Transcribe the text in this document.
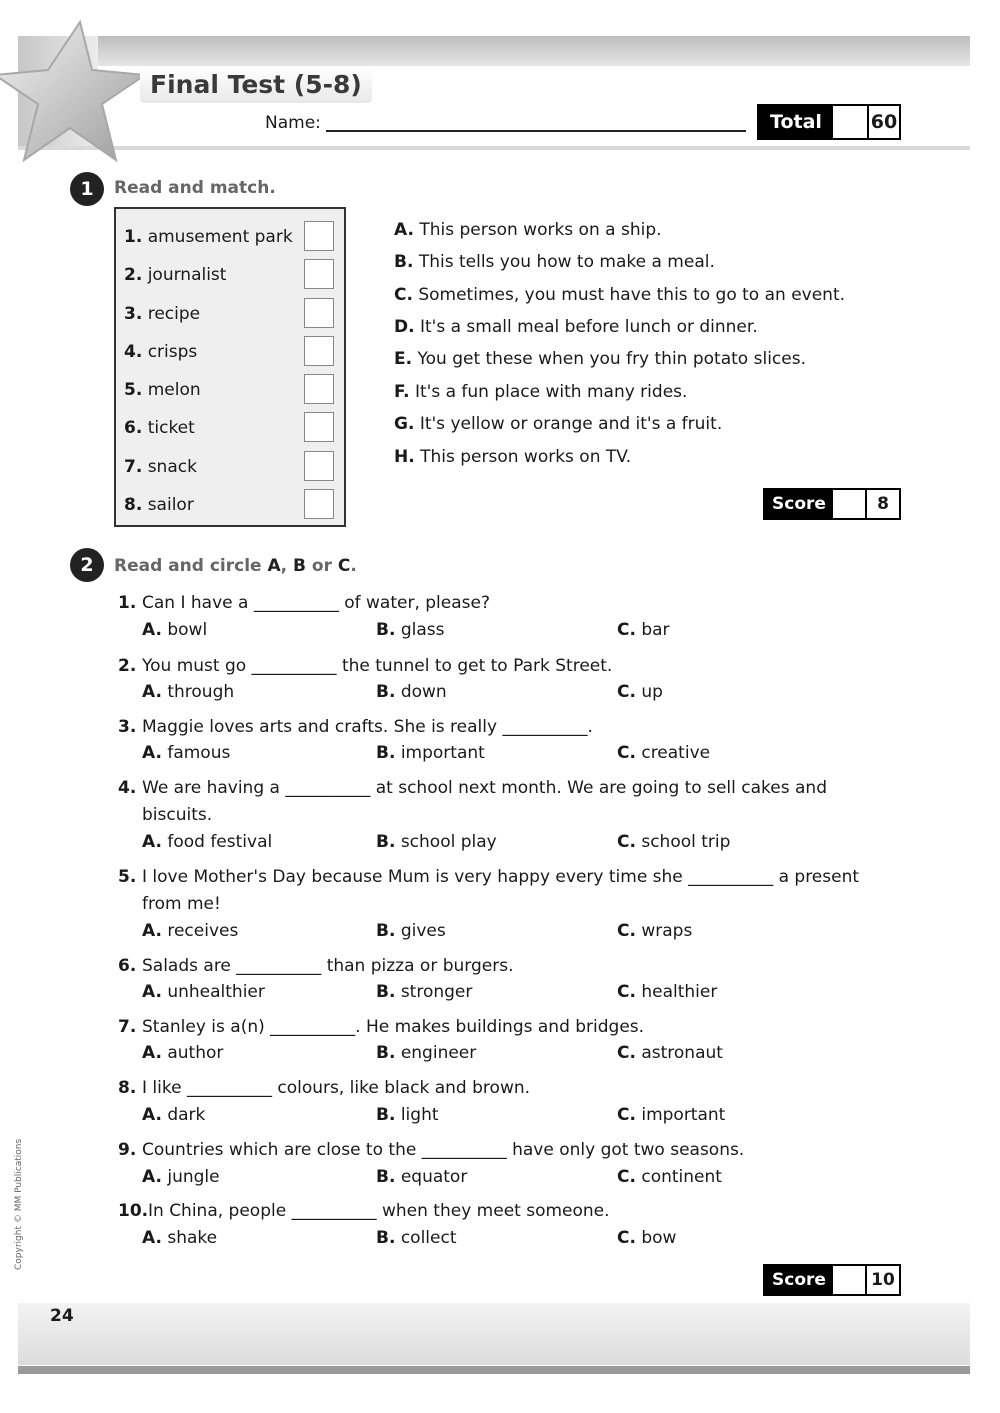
Final Test (5-8)
Name:	Total	60
1	Read and match.
1. amusement park
2. journalist
3. recipe
4. crisps
5. melon
6. ticket
7. snack
8. sailor
A. This person works on a ship.
B. This tells you how to make a meal.
C. Sometimes, you must have this to go to an event.
D. It's a small meal before lunch or dinner.
E. You get these when you fry thin potato slices.
F. It's a fun place with many rides.
G. It's yellow or orange and it's a fruit.
H. This person works on TV.
Score	8
2	Read and circle A, B or C.
1. Can I have a __________ of water, please?
A. bowl	B. glass	C. bar
2. You must go __________ the tunnel to get to Park Street.
A. through	B. down	C. up
3. Maggie loves arts and crafts. She is really __________.
A. famous	B. important	C. creative
4. We are having a __________ at school next month. We are going to sell cakes and
biscuits.
A. food festival	B. school play	C. school trip
5. I love Mother's Day because Mum is very happy every time she __________ a present
from me!
A. receives	B. gives	C. wraps
6. Salads are __________ than pizza or burgers.
A. unhealthier	B. stronger	C. healthier
7. Stanley is a(n) __________. He makes buildings and bridges.
A. author	B. engineer	C. astronaut
8. I like __________ colours, like black and brown.
A. dark	B. light	C. important
9. Countries which are close to the __________ have only got two seasons.
A. jungle	B. equator	C. continent
10.In China, people __________ when they meet someone.
A. shake	B. collect	C. bow
Score	10
Copyright © MM Publications
24
